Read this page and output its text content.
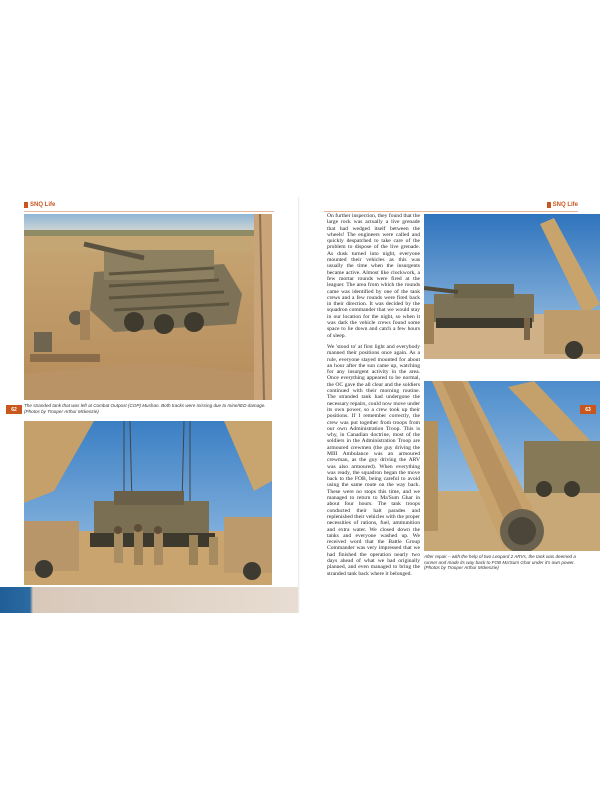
SNQ Life
The stranded tank that was left at Combat Outpost (COP) Mushan. Both tracks were missing due to mine/IED damage. (Photos by Trooper Arthur Mckenzie)
SNQ Life
After repair – with the help of two Leopard 2 ARVs, the tank was deemed a runner and made its way back to FOB Ma'Sum Ghar under it's own power. (Photos by Trooper Arthur Mckenzie)

On further inspection, they found that the large rock was actually a live grenade that had wedged itself between the wheels! The engineers were called and quickly despatched to take care of the problem to dispose of the live grenade. As dusk turned into night, everyone mounted their vehicles as this was usually the time when the insurgents became active. Almost like clockwork, a few mortar rounds were fired at the leaguer. The area from which the rounds came was identified by one of the tank crews and a few rounds were fired back in their direction. It was decided by the squadron commander that we would stay in our location for the night, so when it was dark the vehicle crews found some space to lie down and catch a few hours of sleep.

We 'stood to' at first light and everybody manned their positions once again. As a rule, everyone stayed mounted for about an hour after the sun came up, watching for any insurgent activity in the area. Once everything appeared to be normal, the OC gave the all clear and the soldiers continued with their morning routine. The stranded tank had undergone the necessary repairs, could now move under its own power, so a crew took up their positions. If I remember correctly, the crew was put together from troops from our own Administration Troop. This is why, in Canadian doctrine, most of the soldiers in the Administration Troop are armoured crewmen (the guy driving the MIII Ambulance was an armoured crewman, as the guy driving the ARV was also armoured). When everything was ready, the squadron began the move back to the FOB, being careful to avoid using the same route on the way back. These were no stops this time, and we managed to return to Ma'Sum Ghar in about four hours. The tank troops conducted their halt parades and replenished their vehicles with the proper necessities of rations, fuel, ammunition and extra water. We closed down the tanks and everyone washed up. We received word that the Battle Group Commander was very impressed that we had finished the operation nearly two days ahead of what we had originally planned, and even managed to bring the stranded tank back where it belonged.

62	63
